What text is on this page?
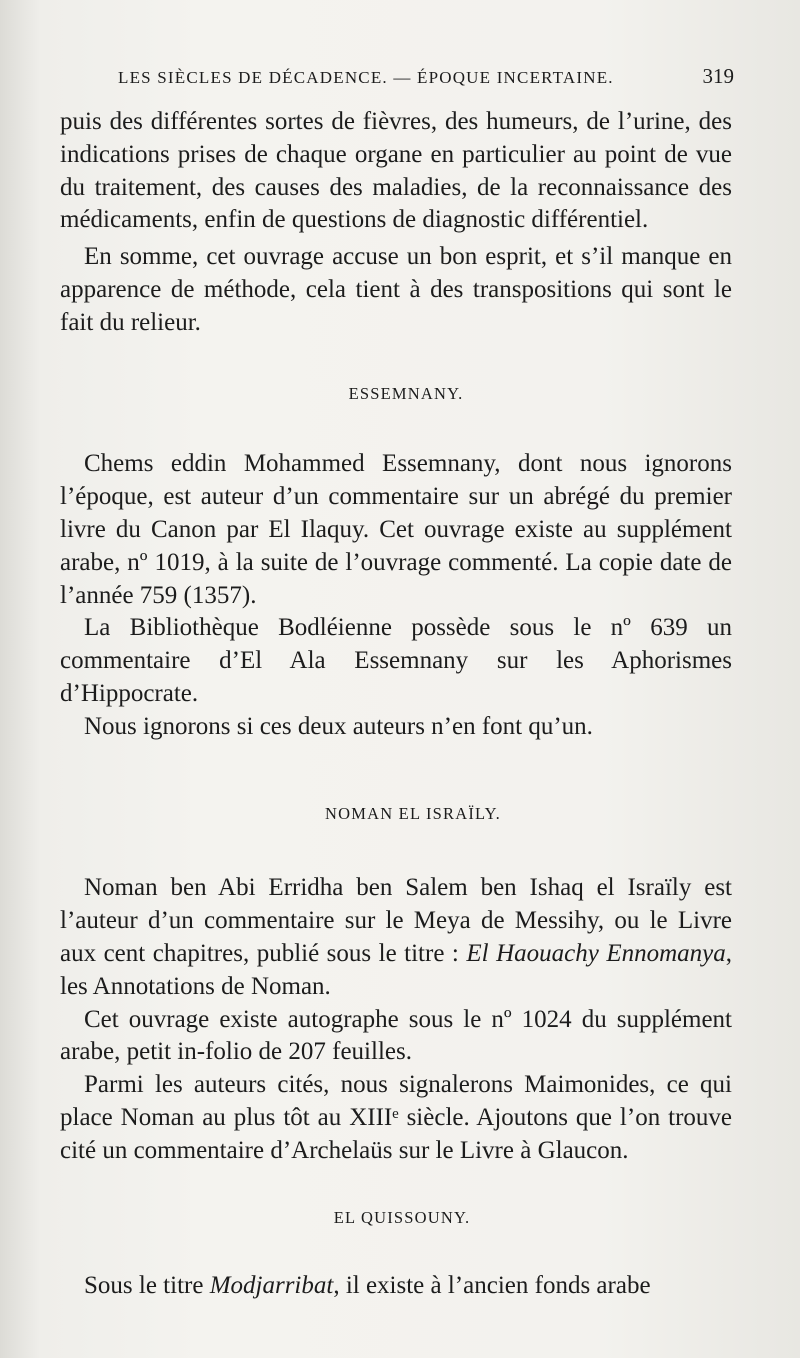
LES SIÈCLES DE DÉCADENCE. — ÉPOQUE INCERTAINE.	319

puis des différentes sortes de fièvres, des humeurs, de l’urine, des indications prises de chaque organe en particulier au point de vue du traitement, des causes des maladies, de la reconnaissance des médicaments, enfin de questions de diagnostic différentiel.

En somme, cet ouvrage accuse un bon esprit, et s’il manque en apparence de méthode, cela tient à des transpositions qui sont le fait du relieur.

ESSEMNANY.

Chems eddin Mohammed Essemnany, dont nous ignorons l’époque, est auteur d’un commentaire sur un abrégé du premier livre du Canon par El Ilaquy. Cet ouvrage existe au supplément arabe, nº 1019, à la suite de l’ouvrage commenté. La copie date de l’année 759 (1357).

La Bibliothèque Bodléienne possède sous le nº 639 un commentaire d’El Ala Essemnany sur les Aphorismes d’Hippocrate.

Nous ignorons si ces deux auteurs n’en font qu’un.

NOMAN EL ISRAÏLY.

Noman ben Abi Erridha ben Salem ben Ishaq el Israïly est l’auteur d’un commentaire sur le Meya de Messihy, ou le Livre aux cent chapitres, publié sous le titre : El Haouachy Ennomanya, les Annotations de Noman.

Cet ouvrage existe autographe sous le nº 1024 du supplément arabe, petit in-folio de 207 feuilles.

Parmi les auteurs cités, nous signalerons Maimonides, ce qui place Noman au plus tôt au XIIIᵉ siècle. Ajoutons que l’on trouve cité un commentaire d’Archelaüs sur le Livre à Glaucon.

EL QUISSOUNY.

Sous le titre Modjarribat, il existe à l’ancien fonds arabe
